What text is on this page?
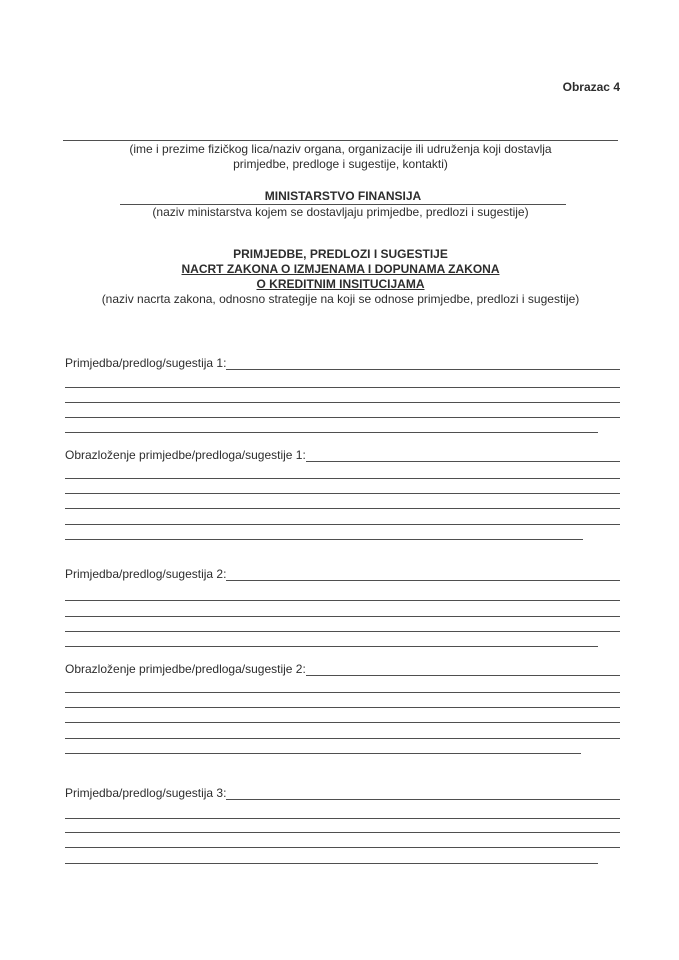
Obrazac 4
(ime i prezime fizičkog lica/naziv organa, organizacije ili udruženja koji dostavlja
primjedbe, predloge i sugestije, kontakti)
MINISTARSTVO FINANSIJA
(naziv ministarstva kojem se dostavljaju primjedbe, predlozi i sugestije)
PRIMJEDBE, PREDLOZI I SUGESTIJE
NACRT ZAKONA O IZMJENAMA I DOPUNAMA ZAKONA
O KREDITNIM INSITUCIJAMA
(naziv nacrta zakona, odnosno strategije na koji se odnose primjedbe, predlozi i sugestije)
Primjedba/predlog/sugestija 1:
Obrazloženje primjedbe/predloga/sugestije 1:
Primjedba/predlog/sugestija 2:
Obrazloženje primjedbe/predloga/sugestije 2:
Primjedba/predlog/sugestija 3:
